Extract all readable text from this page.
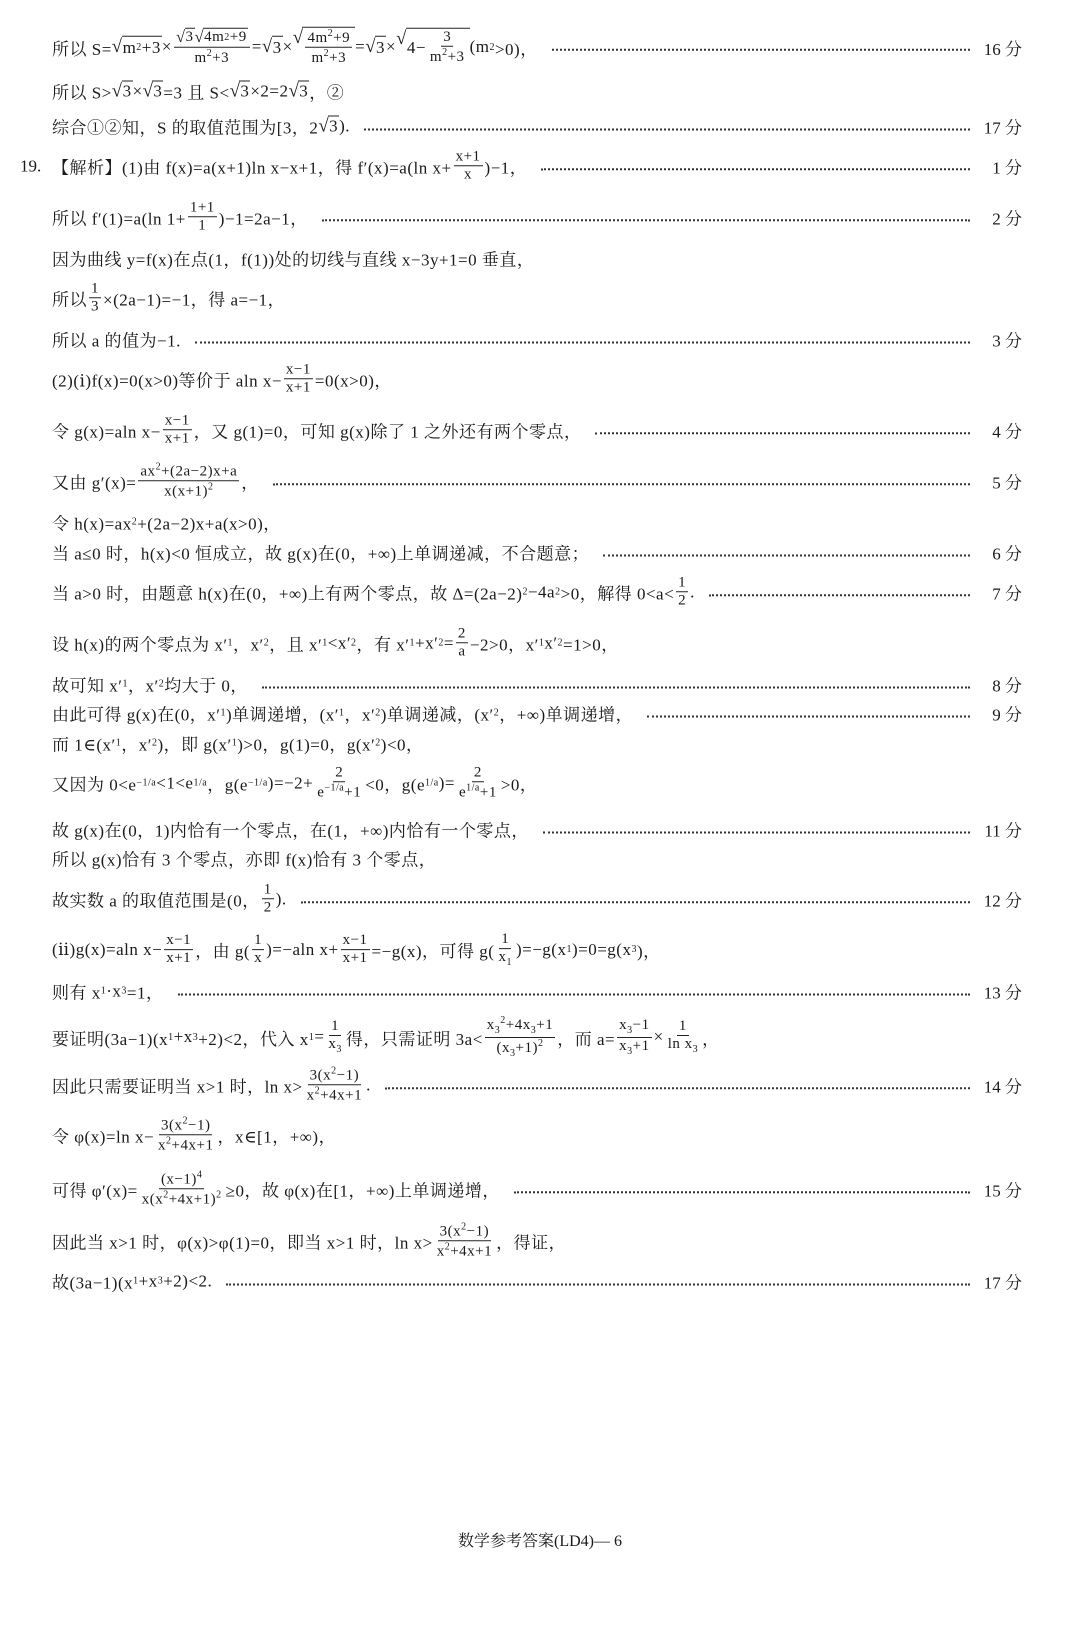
所以 S= √ m $2 +3 \times \frac{√ 3 √ 4m 2 +9}{m^2+3}$ = √ 3 × √ $\frac{4m^2+9}{m^2+3}$ = √ 3 × √ $4- \frac{3}{m^2+3} (m$ 2 >0)，	16 分
所以 S> √ 3 × √ 3 =3 且 S< √ 3 ×2=2 √ 3 ，②
综合①②知，S 的取值范围为[3，2 √ 3 ).	17 分
19. 【解析】(1)由 f(x)=a(x+1)ln x−x+1，得 f′(x)=a(ln $x+ \frac{x+1}{x} )-1$，	1 分
所以 f′(1)=a(ln $1+ \frac{1+1}{1} )-1=2a-1$，	2 分
因为曲线 y=f(x)在点(1，f(1))处的切线与直线 x−3y+1=0 垂直，
所以 $\frac{1}{3} \times(2a-1)=-1$，得 a=−1，
所以 a 的值为−1.	3 分
(2)(ⅰ)f(x)=0(x>0)等价于 aln $x- \frac{x-1}{x+1} =0(x>0)$，
令 g(x)=aln $x- \frac{x-1}{x+1}$ ，又 g(1)=0，可知 g(x)除了 1 之外还有两个零点，	4 分
又由 $g'(x)= \frac{ax^2+(2a-2)x+a}{x(x+1)^2}$ ，	5 分
令 h(x)=ax 2 +(2a−2)x+a(x>0)，
当 a≤0 时，h(x)<0 恒成立，故 g(x)在(0，+∞)上单调递减，不合题意；	6 分
当 a>0 时，由题意 h(x)在(0，+∞)上有两个零点，故 Δ=(2a−2) 2 −4a 2 >0，解得 $0<a< \frac{1}{2}$ .	7 分
设 h(x)的两个零点为 x′ 1 ，x′ 2 ，且 x′ 1 <x′ 2 ，有 x′ 1 +x′ $2 = \frac{2}{a} -2>0$，x′ 1 x′ 2 =1>0，
故可知 x′ 1 ，x′ 2 均大于 0，	8 分
由此可得 g(x)在(0，x′ 1 )单调递增，(x′ 1 ，x′ 2 )单调递减，(x′ 2 ，+∞)单调递增，	9 分
而 1∈(x′ 1 ，x′ 2 )，即 g(x′ 1 )>0，g(1)=0，g(x′ 2 )<0，
又因为 0<e −1/a <1<e 1/a ，g(e −1/a )$=-2+ \frac{2}{e^{-1/a}+1} <0$，g(e 1/a )= $\frac{2}{e^{1/a}+1} >0$，
故 g(x)在(0，1)内恰有一个零点，在(1，+∞)内恰有一个零点，	11 分
所以 g(x)恰有 3 个零点，亦即 f(x)恰有 3 个零点，
故实数 a 的取值范围是(0， $\frac{1}{2}$ ).	12 分
(ⅱ)g(x)=aln $x- \frac{x-1}{x+1}$ ，由 $g( \frac{1}{x} )=-aln$ $x+ \frac{x-1}{x+1} =-g(x)$，可得 $g( \frac{1}{x_1} )=-g(x$ 1 )=0=g(x 3 )，
则有 x 1 ·x 3 =1，	13 分
要证明(3a−1)(x 1 +x 3 +2)<2，代入 x $1 = \frac{1}{x_3}$ 得，只需证明 $3a< \frac{x_3^2+4x_3+1}{(x_3+1)^2}$ ，而 $a= \frac{x_3-1}{x_3+1} \times \frac{1}{\ln x_3}$ ，
因此只需要证明当 x>1 时，$\ln x> \frac{3(x^2-1)}{x^2+4x+1}$ .	14 分
令 φ(x)=ln $x- \frac{3(x^2-1)}{x^2+4x+1}$ ，x∈[1，+∞)，
可得 $\varphi'(x)= \frac{(x-1)^4}{x(x^2+4x+1)^2} \ge 0$，故 φ(x)在[1，+∞)上单调递增，	15 分
因此当 x>1 时，φ(x)>φ(1)=0，即当 x>1 时，$\ln x> \frac{3(x^2-1)}{x^2+4x+1}$ ，得证，
故(3a−1)(x 1 +x 3 +2)<2.	17 分
数学参考答案(LD4)— 6
